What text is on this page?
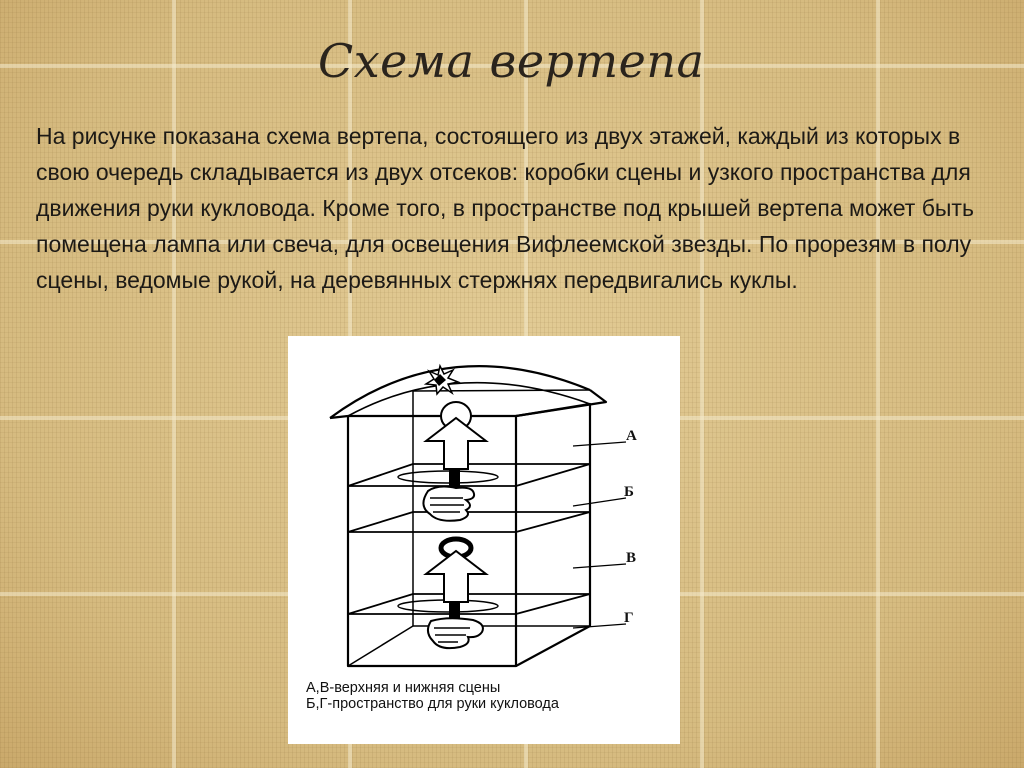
Схема вертепа

На рисунке показана схема вертепа, состоящего из двух этажей, каждый из которых в свою очередь складывается из двух отсеков: коробки сцены и узкого пространства для движения руки кукловода. Кроме того, в пространстве под крышей вертепа может быть помещена лампа или свеча, для освещения Вифлеемской звезды. По прорезям в полу сцены, ведомые рукой, на деревянных стержнях передвигались куклы.

А
Б
В
Г

А,В-верхняя и нижняя сцены

Б,Г-пространство для руки кукловода
